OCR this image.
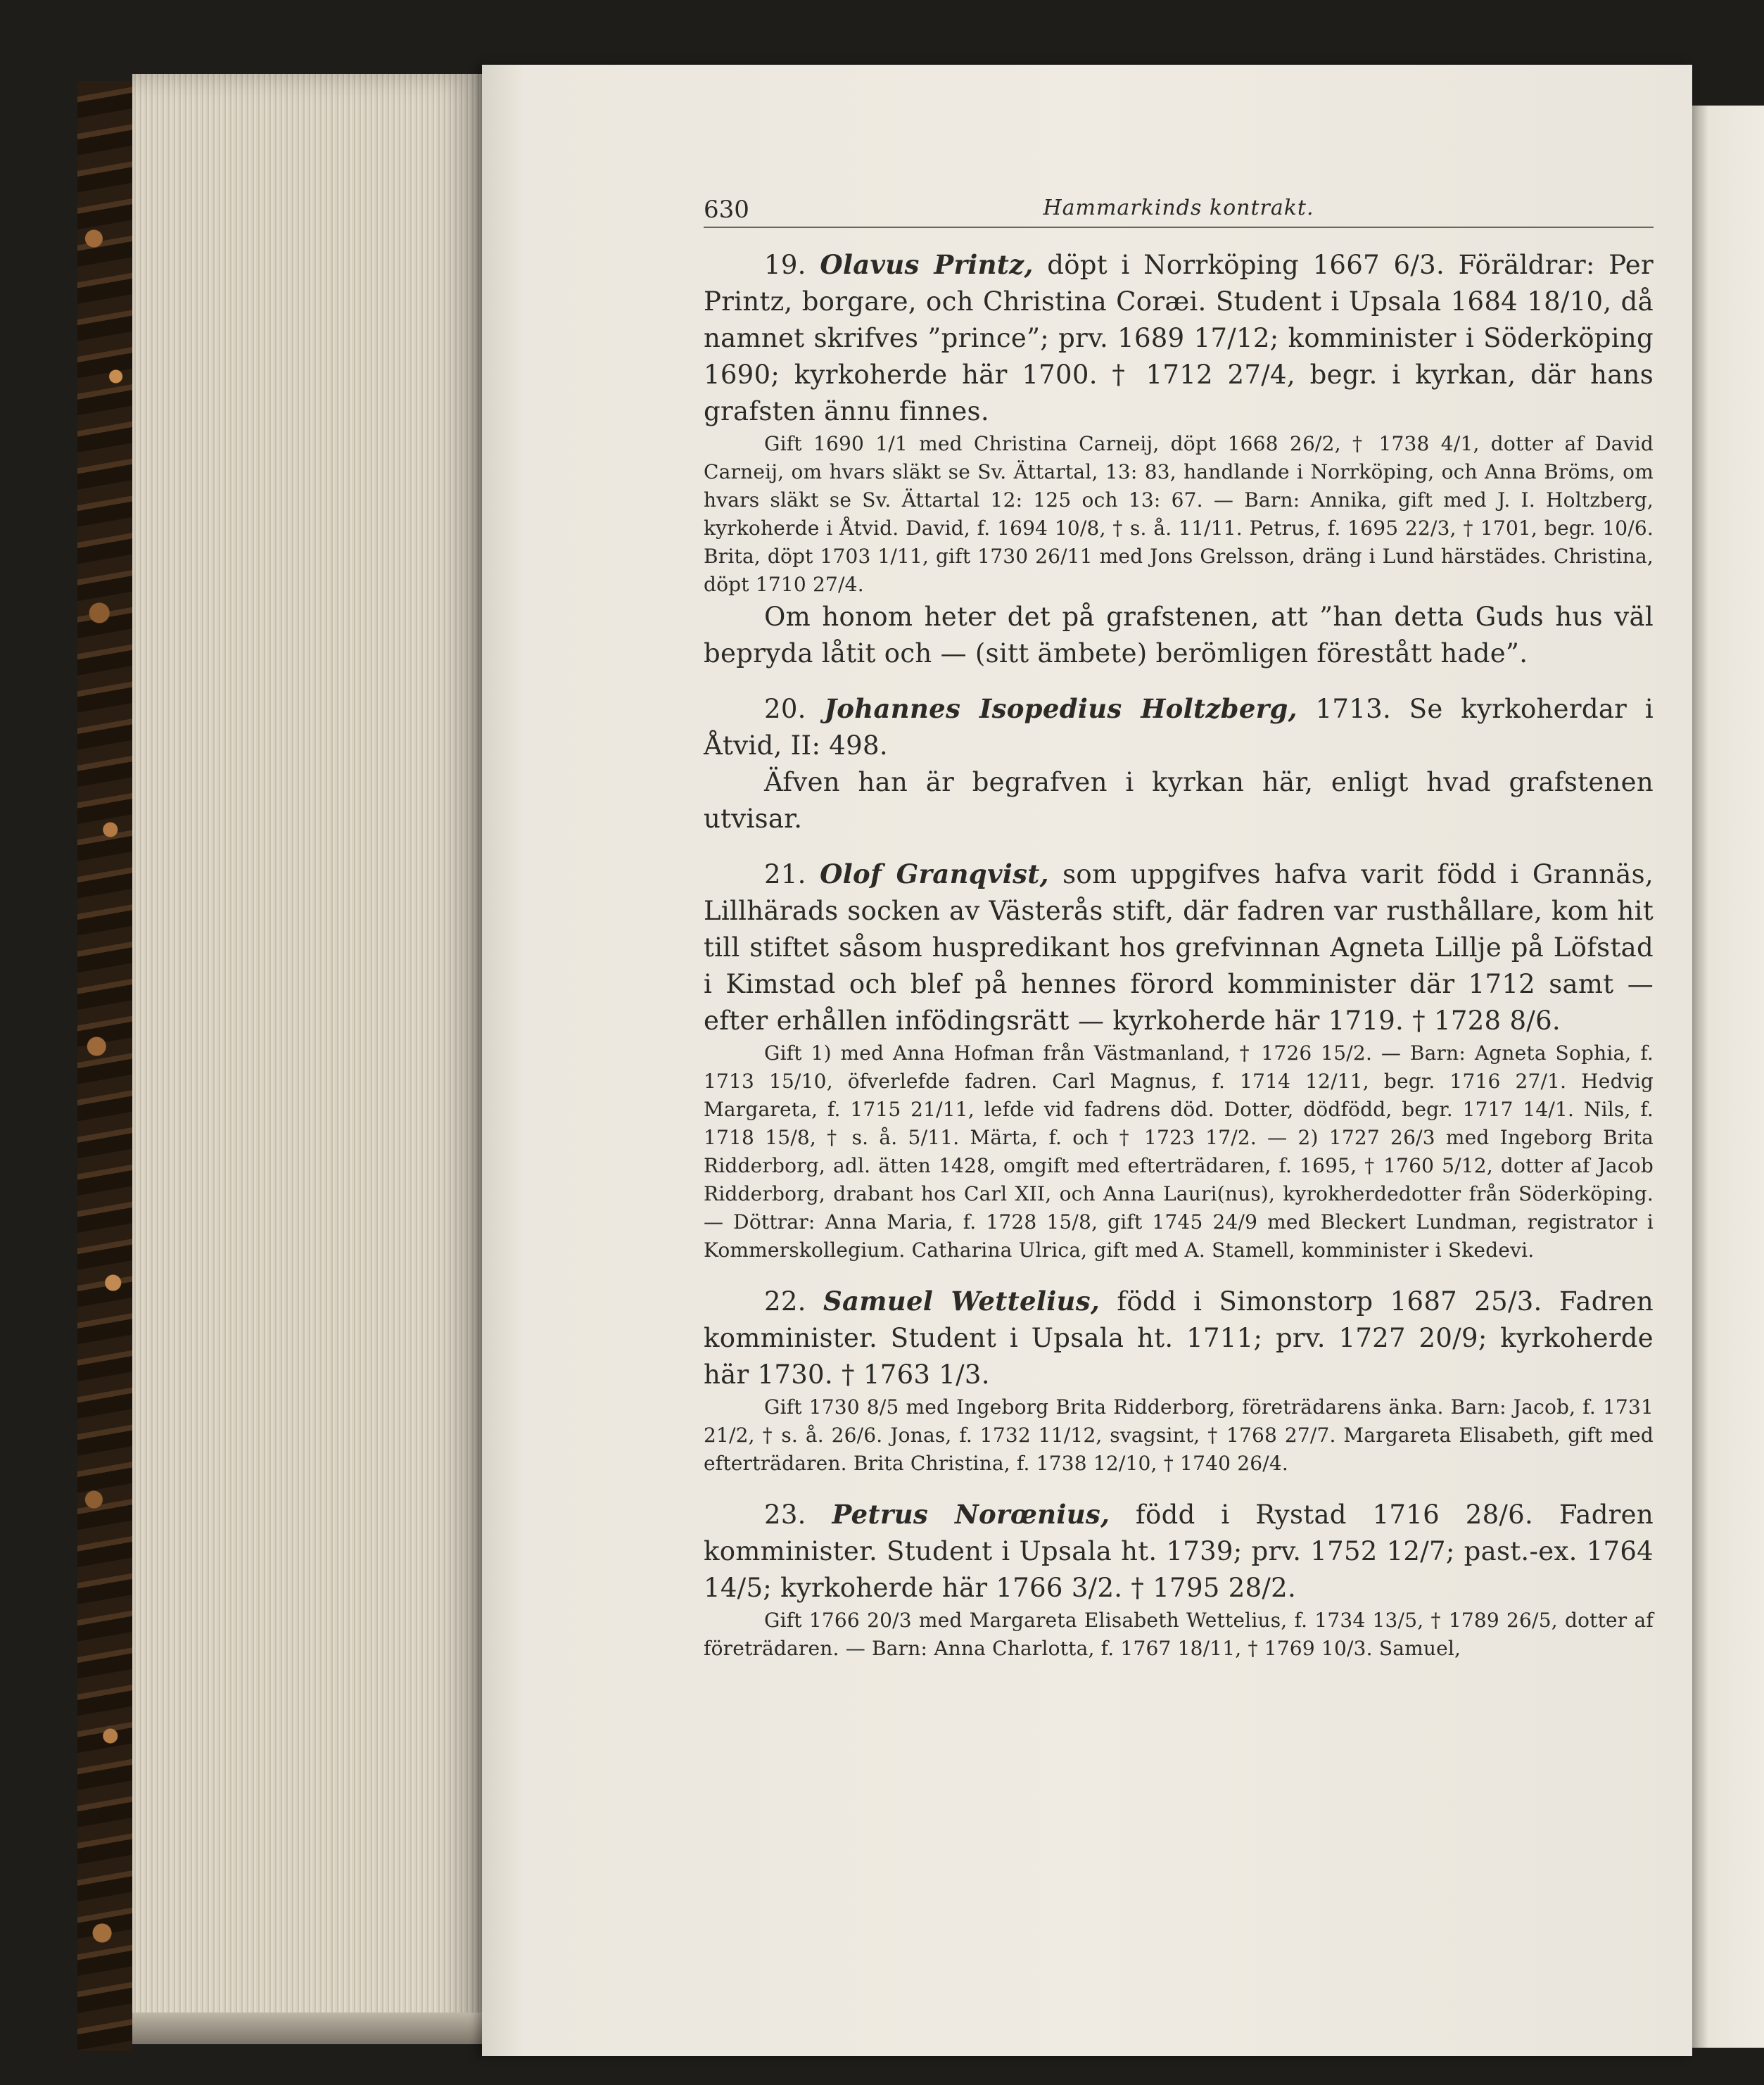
630	Hammarkinds kontrakt.

19. Olavus Printz, döpt i Norrköping 1667 6/3. Föräldrar: Per Printz, borgare, och Christina Coræi. Student i Upsala 1684 18/10, då namnet skrifves ”prince”; prv. 1689 17/12; komminister i Söderköping 1690; kyrkoherde här 1700. † 1712 27/4, begr. i kyrkan, där hans grafsten ännu finnes.

Gift 1690 1/1 med Christina Carneij, döpt 1668 26/2, † 1738 4/1, dotter af David Carneij, om hvars släkt se Sv. Ättartal, 13: 83, handlande i Norrköping, och Anna Bröms, om hvars släkt se Sv. Ättartal 12: 125 och 13: 67. — Barn: Annika, gift med J. I. Holtzberg, kyrkoherde i Åtvid. David, f. 1694 10/8, † s. å. 11/11. Petrus, f. 1695 22/3, † 1701, begr. 10/6. Brita, döpt 1703 1/11, gift 1730 26/11 med Jons Grelsson, dräng i Lund härstädes. Christina, döpt 1710 27/4.

Om honom heter det på grafstenen, att ”han detta Guds hus väl bepryda låtit och — (sitt ämbete) berömligen förestått hade”.

20. Johannes Isopedius Holtzberg, 1713. Se kyrkoherdar i Åtvid, II: 498.

Äfven han är begrafven i kyrkan här, enligt hvad grafstenen utvisar.

21. Olof Granqvist, som uppgifves hafva varit född i Grannäs, Lillhärads socken av Västerås stift, där fadren var rusthållare, kom hit till stiftet såsom huspredikant hos grefvinnan Agneta Lillje på Löfstad i Kimstad och blef på hennes förord komminister där 1712 samt — efter erhållen infödingsrätt — kyrkoherde här 1719. † 1728 8/6.

Gift 1) med Anna Hofman från Västmanland, † 1726 15/2. — Barn: Agneta Sophia, f. 1713 15/10, öfverlefde fadren. Carl Magnus, f. 1714 12/11, begr. 1716 27/1. Hedvig Margareta, f. 1715 21/11, lefde vid fadrens död. Dotter, dödfödd, begr. 1717 14/1. Nils, f. 1718 15/8, † s. å. 5/11. Märta, f. och † 1723 17/2. — 2) 1727 26/3 med Ingeborg Brita Ridderborg, adl. ätten 1428, omgift med efterträdaren, f. 1695, † 1760 5/12, dotter af Jacob Ridderborg, drabant hos Carl XII, och Anna Lauri(nus), kyrokherdedotter från Söderköping. — Döttrar: Anna Maria, f. 1728 15/8, gift 1745 24/9 med Bleckert Lundman, registrator i Kommerskollegium. Catharina Ulrica, gift med A. Stamell, komminister i Skedevi.

22. Samuel Wettelius, född i Simonstorp 1687 25/3. Fadren komminister. Student i Upsala ht. 1711; prv. 1727 20/9; kyrkoherde här 1730. † 1763 1/3.

Gift 1730 8/5 med Ingeborg Brita Ridderborg, företrädarens änka. Barn: Jacob, f. 1731 21/2, † s. å. 26/6. Jonas, f. 1732 11/12, svagsint, † 1768 27/7. Margareta Elisabeth, gift med efterträdaren. Brita Christina, f. 1738 12/10, † 1740 26/4.

23. Petrus Norœnius, född i Rystad 1716 28/6. Fadren komminister. Student i Upsala ht. 1739; prv. 1752 12/7; past.-ex. 1764 14/5; kyrkoherde här 1766 3/2. † 1795 28/2.

Gift 1766 20/3 med Margareta Elisabeth Wettelius, f. 1734 13/5, † 1789 26/5, dotter af företrädaren. — Barn: Anna Charlotta, f. 1767 18/11, † 1769 10/3. Samuel,
